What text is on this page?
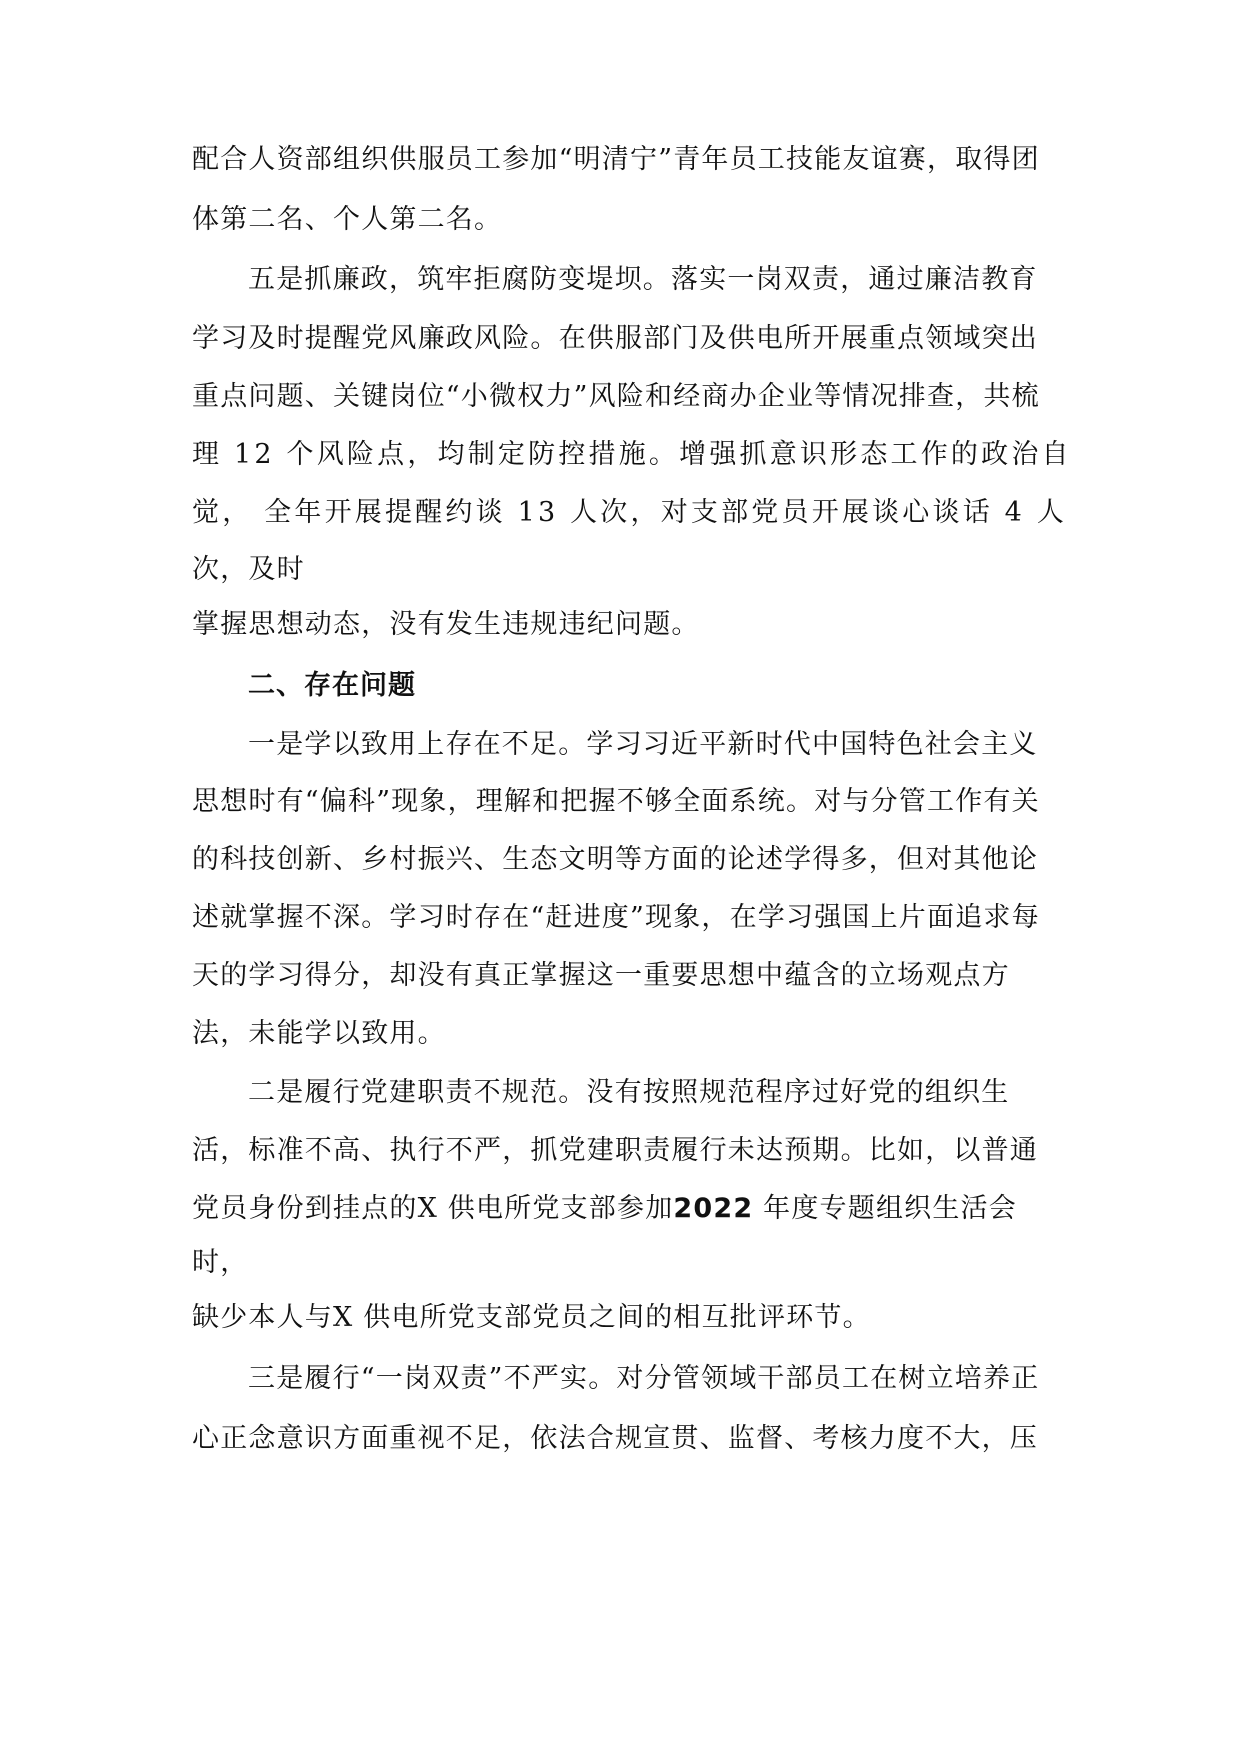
配合人资部组织供服员工参加“明清宁”青年员工技能友谊赛，取得团
体第二名、个人第二名。
五是抓廉政，筑牢拒腐防变堤坝。落实一岗双责，通过廉洁教育
学习及时提醒党风廉政风险。在供服部门及供电所开展重点领域突出
重点问题、关键岗位“小微权力”风险和经商办企业等情况排查，共梳
理 12 个风险点，均制定防控措施。增强抓意识形态工作的政治自
觉， 全年开展提醒约谈 13 人次，对支部党员开展谈心谈话 4 人
次，及时
掌握思想动态，没有发生违规违纪问题。
二、存在问题
一是学以致用上存在不足。学习习近平新时代中国特色社会主义
思想时有“偏科”现象，理解和把握不够全面系统。对与分管工作有关
的科技创新、乡村振兴、生态文明等方面的论述学得多，但对其他论
述就掌握不深。学习时存在“赶进度”现象，在学习强国上片面追求每
天的学习得分，却没有真正掌握这一重要思想中蕴含的立场观点方
法，未能学以致用。
二是履行党建职责不规范。没有按照规范程序过好党的组织生
活，标准不高、执行不严，抓党建职责履行未达预期。比如，以普通
党员身份到挂点的X 供电所党支部参加2022 年度专题组织生活会
时，
缺少本人与X 供电所党支部党员之间的相互批评环节。
三是履行“一岗双责”不严实。对分管领域干部员工在树立培养正
心正念意识方面重视不足，依法合规宣贯、监督、考核力度不大，压
